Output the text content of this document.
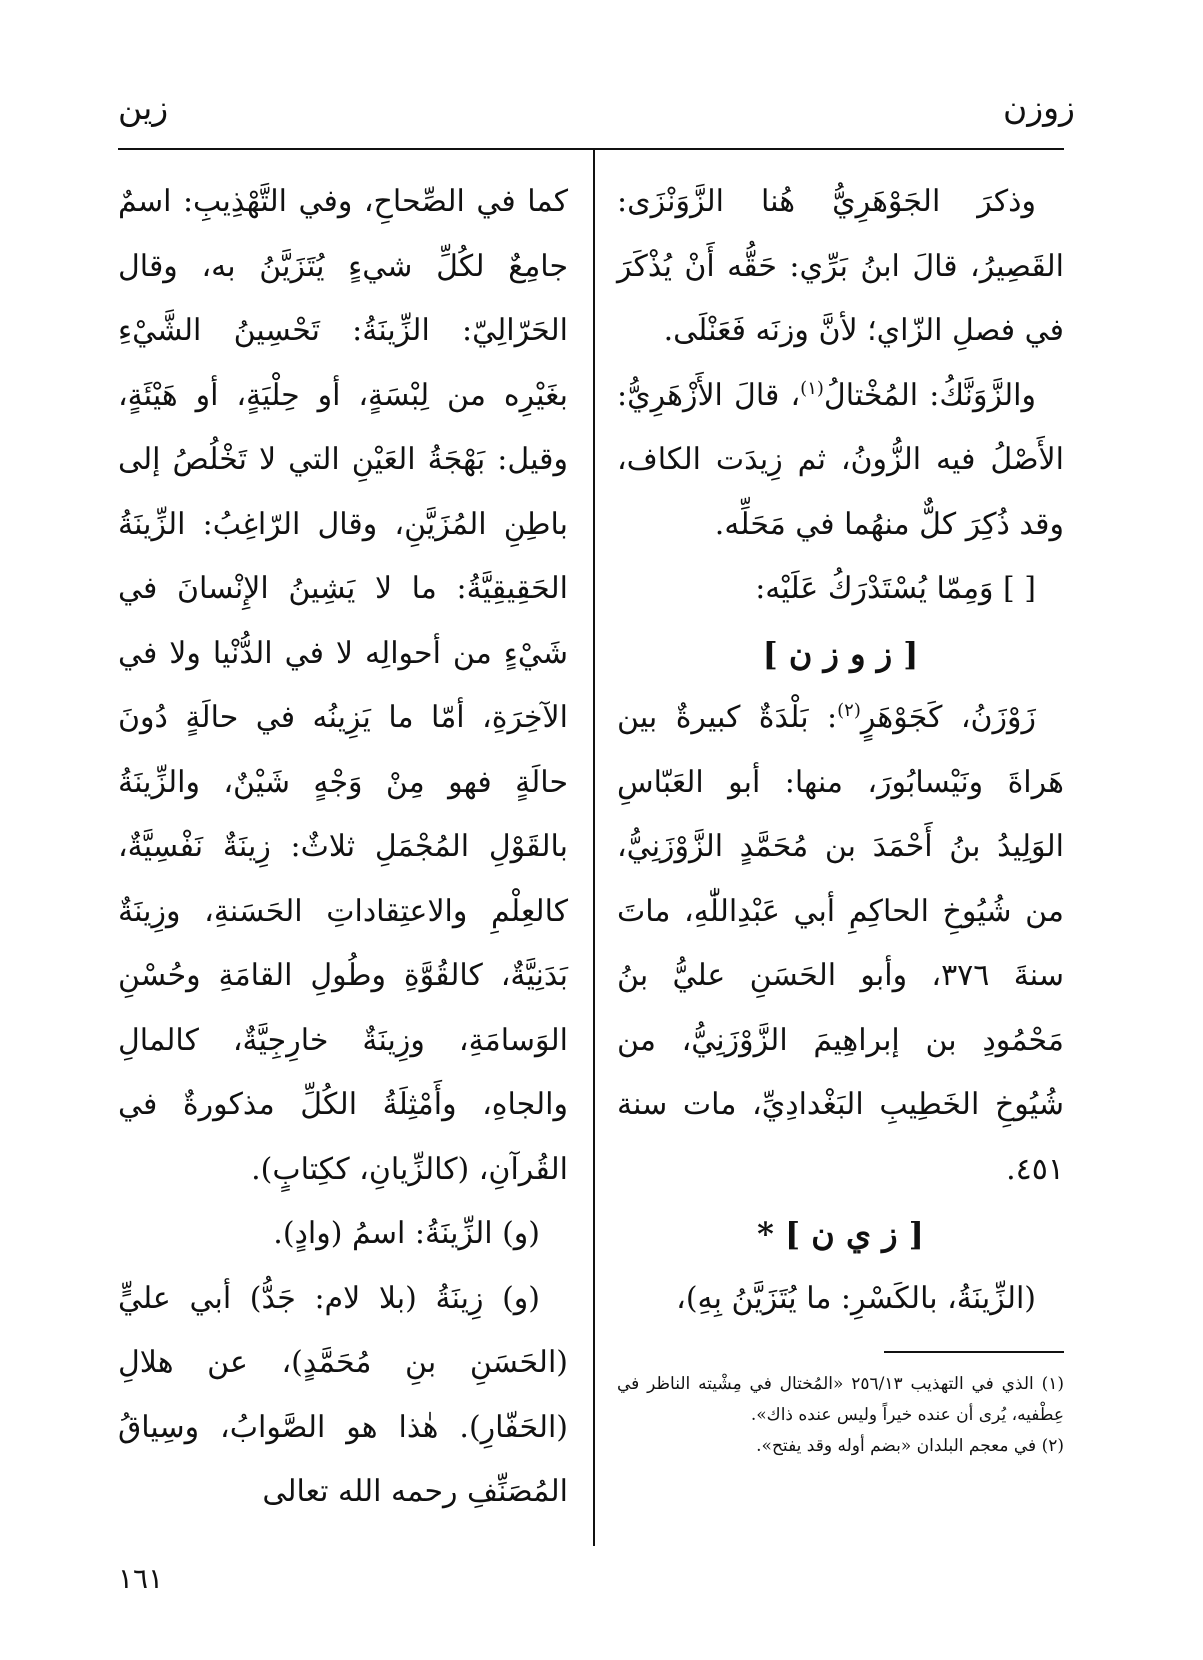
زوزن
زين

وذكرَ الجَوْهَرِيُّ هُنا الزَّوَنْزَى: القَصِيرُ، قالَ ابنُ بَرِّي: حَقُّه أَنْ يُذْكَرَ في فصلِ الزّاي؛ لأنَّ وزنَه فَعَنْلَى.

والزَّوَنَّكُ: المُخْتالُ$^{(١)}$، قالَ الأَزْهَرِيُّ: الأَصْلُ فيه الزُّونُ، ثم زِيدَت الكاف، وقد ذُكِرَ كلٌّ منهُما في مَحَلِّه.

[ ] وَمِمّا يُسْتَدْرَكُ عَلَيْه:

[ ز و ز ن ]

زَوْزَنُ، كَجَوْهَرٍ$^{(٢)}$: بَلْدَةٌ كبيرةٌ بين هَراةَ ونَيْسابُورَ، منها: أبو العَبّاسِ الوَلِيدُ بنُ أَحْمَدَ بن مُحَمَّدٍ الزَّوْزَنِيُّ، من شُيُوخِ الحاكِمِ أبي عَبْدِاللّٰهِ، ماتَ سنةَ ٣٧٦، وأبو الحَسَنِ عليُّ بنُ مَحْمُودِ بن إبراهِيمَ الزَّوْزَنِيُّ، من شُيُوخِ الخَطِيبِ البَغْدادِيِّ، مات سنة ٤٥١.

[ ز ي ن ] *

(الزِّينَةُ، بالكَسْرِ: ما يُتَزَيَّنُ بِهِ)،

(١) الذي في التهذيب ٢٥٦/١٣ «المُختال في مِشْيته الناظر في عِطْفيه، يُرى أن عنده خيراً وليس عنده ذاك».

(٢) في معجم البلدان «بضم أوله وقد يفتح».

كما في الصِّحاحِ، وفي التَّهْذِيبِ: اسمٌ جامِعٌ لكُلِّ شيءٍ يُتَزَيَّنُ به، وقال الحَرّالِيّ: الزِّينَةُ: تَحْسِينُ الشَّيْءِ بغَيْرِه من لِبْسَةٍ، أو حِلْيَةٍ، أو هَيْئَةٍ، وقيل: بَهْجَةُ العَيْنِ التي لا تَخْلُصُ إلى باطِنِ المُزَيَّنِ، وقال الرّاغِبُ: الزِّينَةُ الحَقِيقِيَّةُ: ما لا يَشِينُ الإِنْسانَ في شَيْءٍ من أحوالِه لا في الدُّنْيا ولا في الآخِرَةِ، أمّا ما يَزِينُه في حالَةٍ دُونَ حالَةٍ فهو مِنْ وَجْهٍ شَيْنٌ، والزِّينَةُ بالقَوْلِ المُجْمَلِ ثلاثٌ: زِينَةٌ نَفْسِيَّةٌ، كالعِلْمِ والاعتِقاداتِ الحَسَنةِ، وزِينَةٌ بَدَنِيَّةٌ، كالقُوَّةِ وطُولِ القامَةِ وحُسْنِ الوَسامَةِ، وزِينَةٌ خارِجِيَّةٌ، كالمالِ والجاهِ، وأَمْثِلَةُ الكُلِّ مذكورةٌ في القُرآنِ، (كالزِّيانِ، ككِتابٍ).

(و) الزِّينَةُ: اسمُ (وادٍ).

(و) زِينَةُ (بلا لام: جَدُّ) أبي عليٍّ (الحَسَنِ بنِ مُحَمَّدٍ)، عن هلالِ (الحَفّارِ). هٰذا هو الصَّوابُ، وسِياقُ المُصَنِّفِ رحمه الله تعالى

١٦١
